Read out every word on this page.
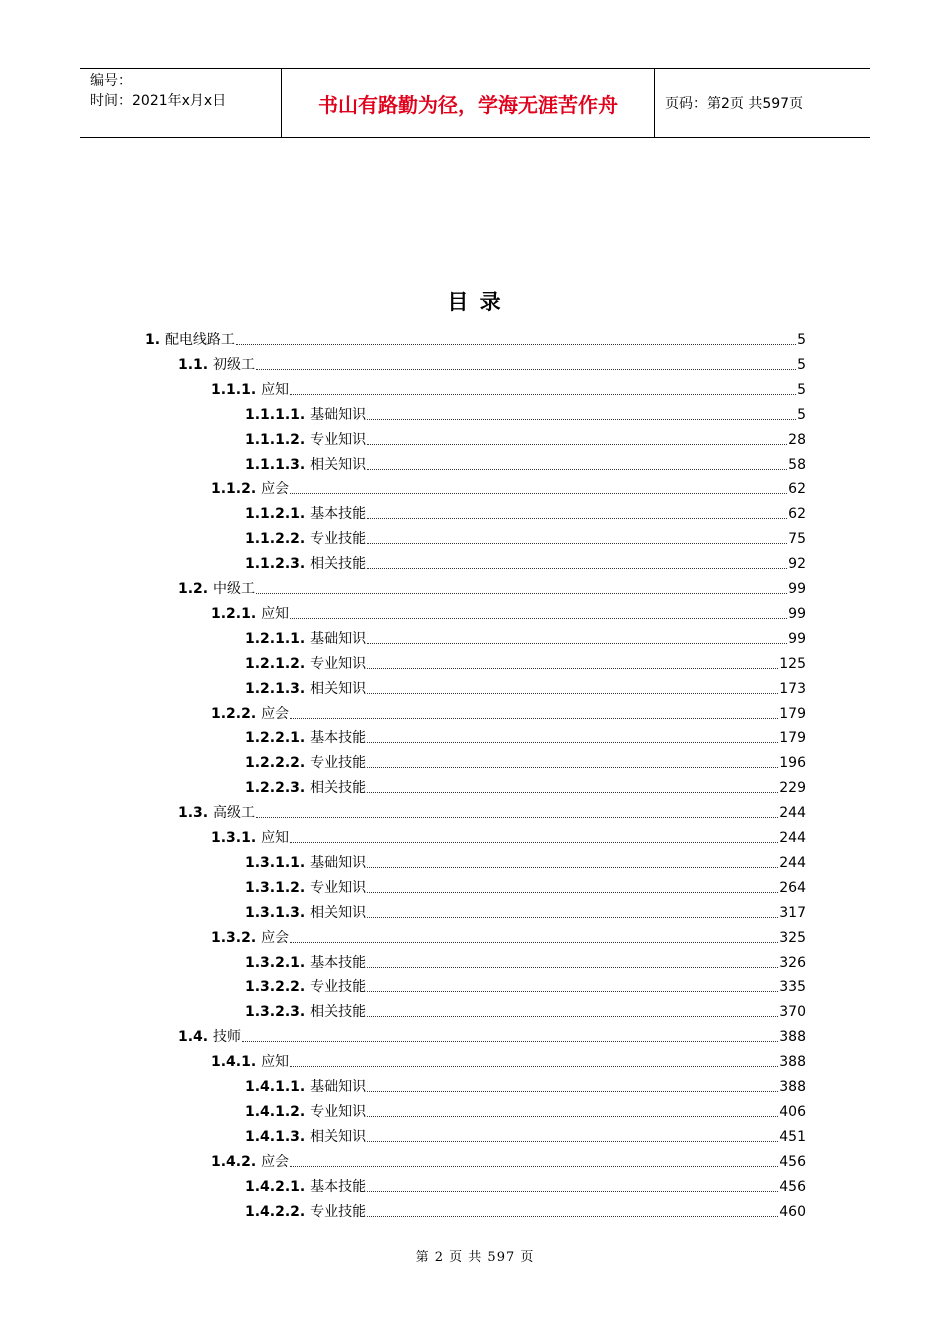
编号：
时间：2021年x月x日	书山有路勤为径，学海无涯苦作舟	页码：第2页 共597页
目 录
1. 配电线路工	5
1.1. 初级工	5
1.1.1. 应知	5
1.1.1.1. 基础知识	5
1.1.1.2. 专业知识	28
1.1.1.3. 相关知识	58
1.1.2. 应会	62
1.1.2.1. 基本技能	62
1.1.2.2. 专业技能	75
1.1.2.3. 相关技能	92
1.2. 中级工	99
1.2.1. 应知	99
1.2.1.1. 基础知识	99
1.2.1.2. 专业知识	125
1.2.1.3. 相关知识	173
1.2.2. 应会	179
1.2.2.1. 基本技能	179
1.2.2.2. 专业技能	196
1.2.2.3. 相关技能	229
1.3. 高级工	244
1.3.1. 应知	244
1.3.1.1. 基础知识	244
1.3.1.2. 专业知识	264
1.3.1.3. 相关知识	317
1.3.2. 应会	325
1.3.2.1. 基本技能	326
1.3.2.2. 专业技能	335
1.3.2.3. 相关技能	370
1.4. 技师	388
1.4.1. 应知	388
1.4.1.1. 基础知识	388
1.4.1.2. 专业知识	406
1.4.1.3. 相关知识	451
1.4.2. 应会	456
1.4.2.1. 基本技能	456
1.4.2.2. 专业技能	460
第 2 页 共 597 页
